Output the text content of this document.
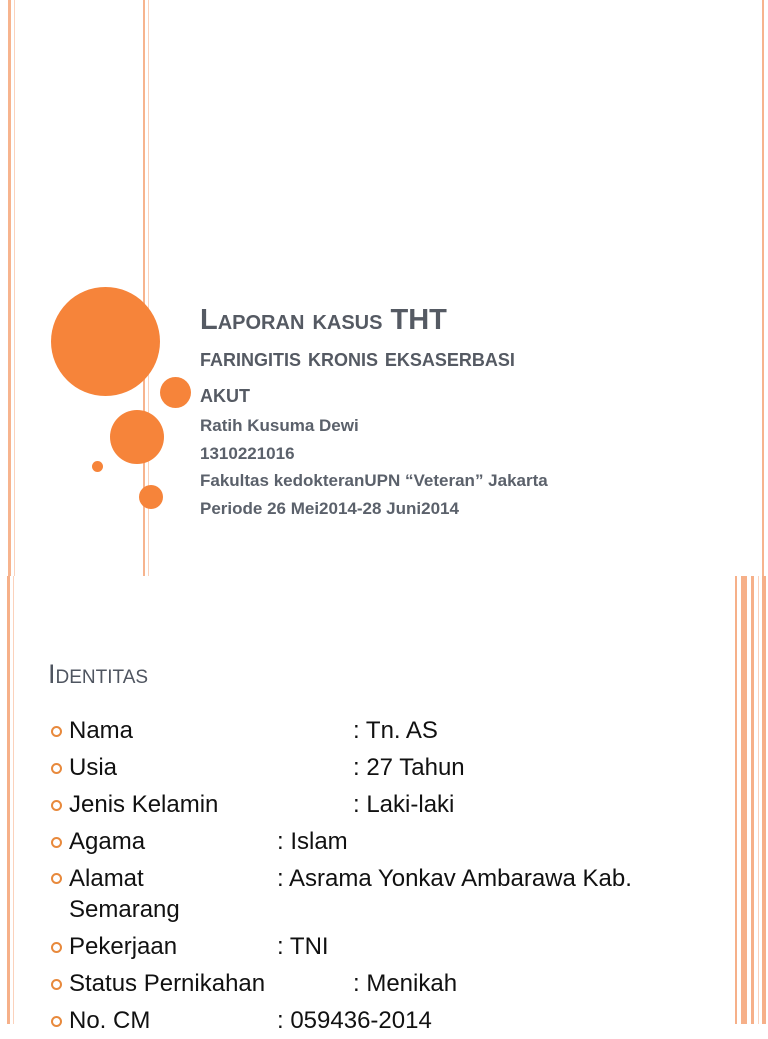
Laporan kasus THT
faringitis kronis eksaserbasi
akut
Ratih Kusuma Dewi
1310221016
Fakultas kedokteranUPN “Veteran” Jakarta
Periode 26 Mei2014-28 Juni2014
Identitas
Nama	: Tn. AS
Usia	: 27 Tahun
Jenis Kelamin	: Laki-laki
Agama	: Islam
Alamat	: Asrama Yonkav Ambarawa Kab.
Semarang
Pekerjaan	: TNI
Status Pernikahan	: Menikah
No. CM	: 059436-2014
